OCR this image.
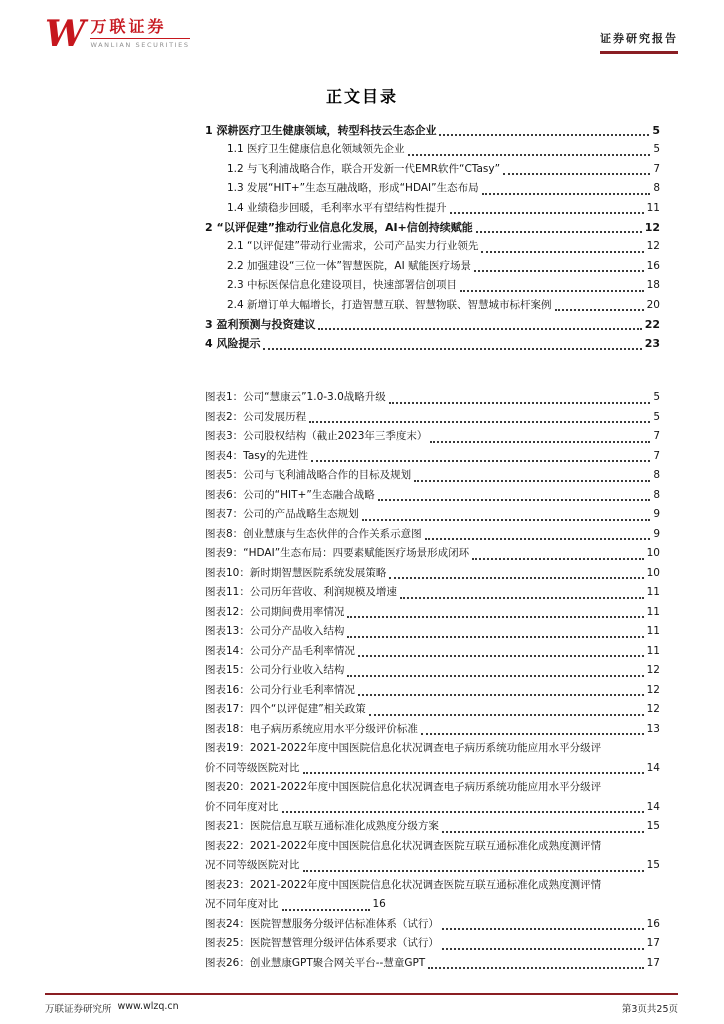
W 万联证券
WANLIAN SECURITIES	证券研究报告
正文目录
1 深耕医疗卫生健康领域，转型科技云生态企业	5
1.1 医疗卫生健康信息化领域领先企业	5
1.2 与飞利浦战略合作，联合开发新一代EMR软件“CTasy”	7
1.3 发展“HIT+”生态互融战略，形成“HDAI”生态布局	8
1.4 业绩稳步回暖，毛利率水平有望结构性提升	11
2 “以评促建”推动行业信息化发展，AI+信创持续赋能	12
2.1 “以评促建”带动行业需求，公司产品实力行业领先	12
2.2 加强建设“三位一体”智慧医院，AI 赋能医疗场景	16
2.3 中标医保信息化建设项目，快速部署信创项目	18
2.4 新增订单大幅增长，打造智慧互联、智慧物联、智慧城市标杆案例	20
3 盈利预测与投资建议	22
4 风险提示	23
图表1：公司“慧康云”1.0-3.0战略升级	5
图表2：公司发展历程	5
图表3：公司股权结构（截止2023年三季度末）	7
图表4：Tasy的先进性	7
图表5：公司与飞利浦战略合作的目标及规划	8
图表6：公司的“HIT+”生态融合战略	8
图表7：公司的产品战略生态规划	9
图表8：创业慧康与生态伙伴的合作关系示意图	9
图表9：“HDAI”生态布局：四要素赋能医疗场景形成闭环	10
图表10：新时期智慧医院系统发展策略	10
图表11：公司历年营收、利润规模及增速	11
图表12：公司期间费用率情况	11
图表13：公司分产品收入结构	11
图表14：公司分产品毛利率情况	11
图表15：公司分行业收入结构	12
图表16：公司分行业毛利率情况	12
图表17：四个“以评促建”相关政策	12
图表18：电子病历系统应用水平分级评价标准	13
图表19：2021-2022年度中国医院信息化状况调查电子病历系统功能应用水平分级评
价不同等级医院对比	14
图表20：2021-2022年度中国医院信息化状况调查电子病历系统功能应用水平分级评
价不同年度对比	14
图表21：医院信息互联互通标准化成熟度分级方案	15
图表22：2021-2022年度中国医院信息化状况调查医院互联互通标准化成熟度测评情
况不同等级医院对比	15
图表23：2021-2022年度中国医院信息化状况调查医院互联互通标准化成熟度测评情
况不同年度对比	16
图表24：医院智慧服务分级评估标准体系（试行）	16
图表25：医院智慧管理分级评估体系要求（试行）	17
图表26：创业慧康GPT聚合网关平台--慧童GPT	17
万联证券研究所 www.wlzq.cn	第3页共25页
